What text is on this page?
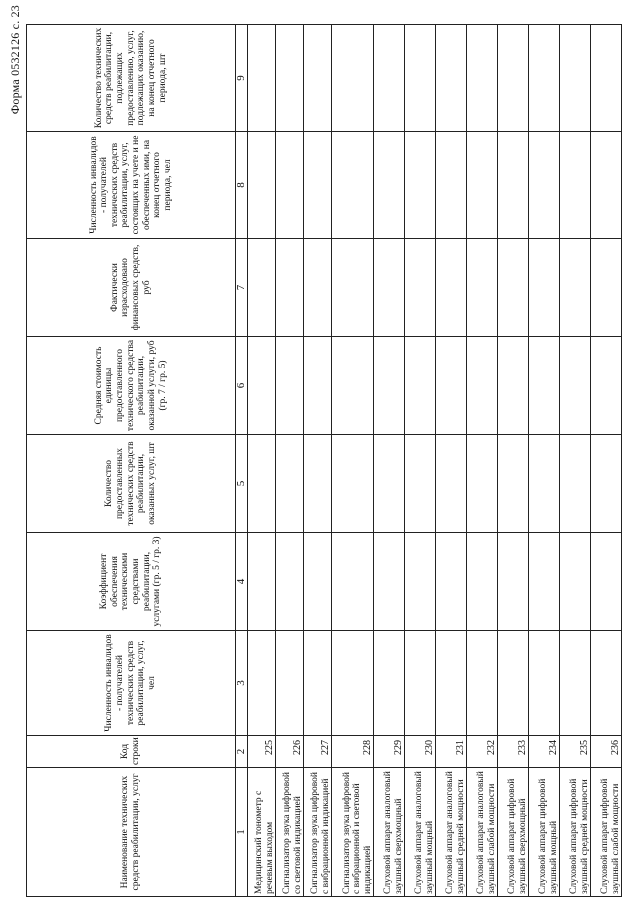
Форма 0532126 с. 23
Наименование технических средств реабилитации, услуг	Код строки	Численность инвалидов - получателей технических средств реабилитации, услуг, чел	Коэффициент обеспечения техническими средствами реабилитации, услугами (гр. 5 / гр. 3)	Количество предоставленных технических средств реабилитации, оказанных услуг, шт	Средняя стоимость единицы предоставленного технического средства реабилитации, оказанной услуги, руб (гр. 7 / гр. 5)	Фактически израсходовано финансовых средств, руб	Численность инвалидов - получателей технических средств реабилитации, услуг, состоящих на учете и не обеспеченных ими, на конец отчетного периода, чел	Количество технических средств реабилитации, подлежащих предоставлению, услуг, подлежащих оказанию, на конец отчетного периода, шт
1	2	3	4	5	6	7	8	9
Медицинский тонометр с речевым выходом	225							
Сигнализатор звука цифровой со световой индикацией	226							
Сигнализатор звука цифровой с вибрационной индикацией	227							
Сигнализатор звука цифровой с вибрационной и световой индикацией	228							
Слуховой аппарат аналоговый заушный сверхмощный	229							
Слуховой аппарат аналоговый заушный мощный	230							
Слуховой аппарат аналоговый заушный средней мощности	231							
Слуховой аппарат аналоговый заушный слабой мощности	232							
Слуховой аппарат цифровой заушный сверхмощный	233							
Слуховой аппарат цифровой заушный мощный	234							
Слуховой аппарат цифровой заушный средней мощности	235							
Слуховой аппарат цифровой заушный слабой мощности	236							
